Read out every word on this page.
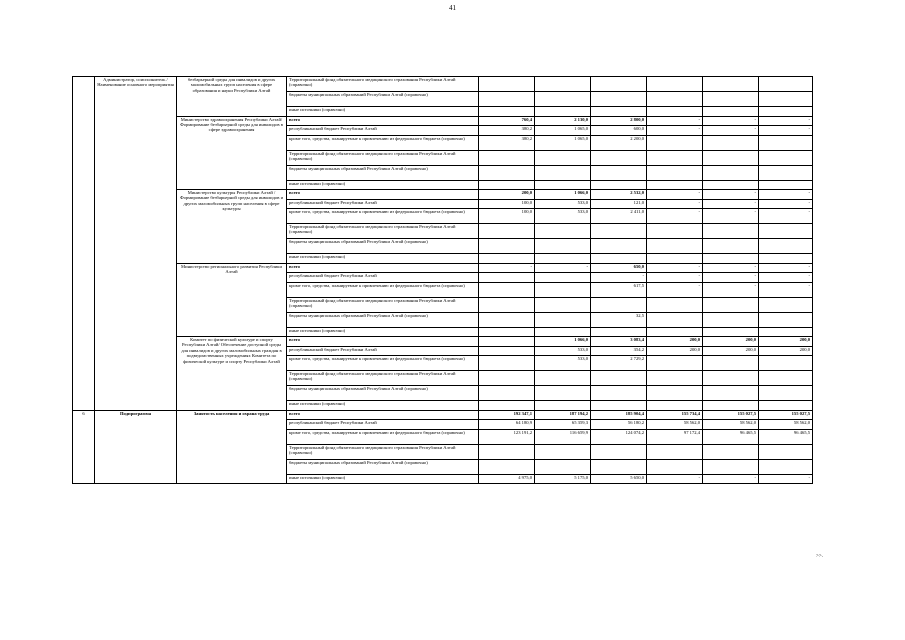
41
	Администратор, соисполнитель / Наименование основного мероприятия	безбарьерной среды для инвалидов и других маломобильных групп населения в сфере образования и науки Республики Алтай	Территориальный фонд обязательного медицинского страхования Республики Алтай (справочно)						
			бюджеты муниципальных образований Республики Алтай (справочно)						
			иные источники (справочно)						
		Министерство здравоохранения Республики Алтай/ Формирование безбарьерной среды для инвалидов в сфере здравоохранения	всего	760,4	2 130,0	2 800,0	-	-	-
			республиканский бюджет Республики Алтай	380,2	1 065,0	600,0	-	-	-
			кроме того, средства, планируемые к привлечению из федерального бюджета (справочно)	380,2	1 065,0	2 200,0			
			Территориальный фонд обязательного медицинского страхования Республики Алтай (справочно)						
			бюджеты муниципальных образований Республики Алтай (справочно)						
			иные источники (справочно)						
		Министерство культуры Республики Алтай /Формирование безбарьерной среды для инвалидов и других маломобильных групп населения в сфере культуры	всего	200,0	1 066,0	2 532,0	-	-	-
			республиканский бюджет Республики Алтай	100,0	533,0	121,0	-	-	-
			кроме того, средства, планируемые к привлечению из федерального бюджета (справочно)	100,0	533,0	2 411,0	-	-	-
			Территориальный фонд обязательного медицинского страхования Республики Алтай (справочно)						
			бюджеты муниципальных образований Республики Алтай (справочно)						
			иные источники (справочно)						
		Министерство регионального развития Республики Алтай	всего	-	-	650,0	-	-	-
			республиканский бюджет Республики Алтай			-	-	-	-
			кроме того, средства, планируемые к привлечению из федерального бюджета (справочно)			617,5	-	-	-
			Территориальный фонд обязательного медицинского страхования Республики Алтай (справочно)						
			бюджеты муниципальных образований Республики Алтай (справочно)			32,5			
			иные источники (справочно)						
		Комитет по физической культуре и спорту Республики Алтай/ Обеспечение доступной среды для инвалидов и других маломобильных граждан в подведомственных учреждениях Комитета по физической культуре и спорту Республики Алтай	всего		1 066,0	3 083,4	200,0	200,0	200,0
			республиканский бюджет Республики Алтай		533,0	354,2	200,0	200,0	200,0
			кроме того, средства, планируемые к привлечению из федерального бюджета (справочно)		533,0	2 729,2			
			Территориальный фонд обязательного медицинского страхования Республики Алтай (справочно)						
			бюджеты муниципальных образований Республики Алтай (справочно)						
			иные источники (справочно)						
6	Подпрограмма	Занятость населения и охрана труда	всего	192 347,1	187 194,2	185 904,4	155 734,4	155 027,5	155 027,5
			республиканский бюджет Республики Алтай	64 180,9	65 359,3	56 180,2	58 562,0	58 562,0	58 562,0
			кроме того, средства, планируемые к привлечению из федерального бюджета (справочно)	123 191,2	116 659,9	124 074,2	97 172,4	96 465,5	96 465,5
			Территориальный фонд обязательного медицинского страхования Республики Алтай (справочно)						
			бюджеты муниципальных образований Республики Алтай (справочно)						
			иные источники (справочно)	4 975,0	5 175,0	5 650,0	-	-	-
>>.
